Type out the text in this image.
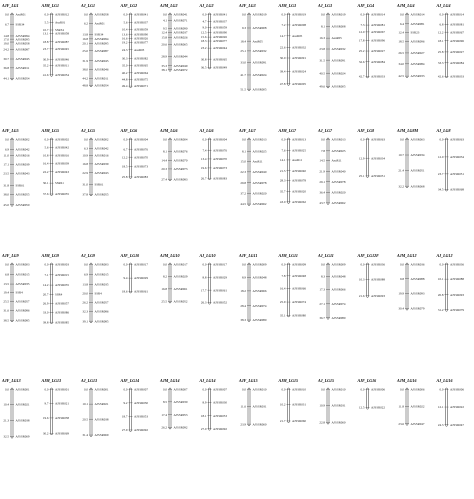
AJF_LG1
0.0 AsaR01
6.7 SSR34
14.8 AJSSR094
17.0 AJSSR095
19.0 AJSSR058
24.2 AJSSR087
30.7 AJSSR045
36.8 AJSSR011
44.1 AJSSR054
AJM_LG1
0.0 AJSSR012
5.5 AsaR01
10.7 SSR34
13.1 AJSSR058
18.8 AJSSR087
23.7 AJSSR045
30.9 AJSSR046
35.2 AJSSR011
41.6 AJSSR054
AJ_LG1
0.0 AJSSR058
6.2 AsaR01
13.8 SSR34
16.8 AJSSR094
20.1 AJSSR095
25.0 AJSSR087
31.9 AJSSR045
38.0 AJSSR046
44.2 AJSSR011
48.8 AJSSR054
AJF_LG2
0.0 AJSSR041
5.6 AJSSR037
10.4 AJSSR059
13.6 AJSSR090
16.6 AJSSR026
19.2 AJSSR077
24.3 AsaR03
30.3 AJSSR082
35.0 AJSSR065
40.2 AJSSR064
44.8 AJSSR075
49.4 AJSSR071
AJM_LG2
0.0 AJSSR041
4.1 AJSSR071
9.5 AJSSR090
12.4 AJSSR037
15.8 AJSSR026
20.6 AJSSR065
28.9 AJSSR044
35.3 AJSSR049
38.1 AJSSR072
AJ_LG2
0.0 AJSSR041
4.7 AJSSR037
9.0 AJSSR059
12.5 AJSSR090
15.6 AJSSR026
18.3 AJSSR077
23.2 AJSSR044
30.8 AJSSR065
36.5 AJSSR049
AJF_LG3
0.0 AJSSR019
9.3 AJSSR008
18.4 AsaR05
25.1 AJSSR032
33.0 AJSSR091
41.7 AJSSR024
51.5 AJSSR005
AJM_LG3
0.0 AJSSR019
7.2 AJSSR008
14.7 AsaR05
22.6 AJSSR032
30.0 AJSSR091
39.4 AJSSR024
47.8 AJSSR005
AJ_LG3
0.0 AJSSR019
8.1 AJSSR008
16.3 AsaR05
23.8 AJSSR032
31.5 AJSSR091
40.5 AJSSR024
49.6 AJSSR005
AJF_LG4
0.0 AJSSR014
7.3 AJSSR081
12.0 AJSSR067
17.8 AJSSR096
25.2 AJSSR027
32.6 AJSSR084
42.7 AJSSR033
AJM_LG4
0.0 AJSSR014
6.4 AJSSR081
12.4 SSR23
18.5 AJSSR096
26.5 AJSSR027
34.0 AJSSR084
42.5 AJSSR033
AJ_LG4
0.0 AJSSR014
6.8 AJSSR081
12.2 AJSSR067
18.1 AJSSR096
25.8 AJSSR027
33.3 AJSSR084
42.6 AJSSR033
AJF_LG5
0.0 AJSSR002
6.9 AJSSR042
11.0 AJSSR016
17.1 AJSSR039
23.5 AJSSR043
31.8 SSR61
38.0 AJSSR055
45.0 AJSSR050
AJM_LG5
0.0 AJSSR002
5.6 AJSSR042
10.8 AJSSR016
16.4 AJSSR039
22.2 AJSSR043
30.1 SSR61
37.6 AJSSR055
AJ_LG5
0.0 AJSSR002
6.3 AJSSR042
10.9 AJSSR016
16.8 AJSSR039
22.9 AJSSR043
31.0 SSR61
37.8 AJSSR055
AJF_LG6
0.0 AJSSR004
6.7 AJSSR076
12.2 AJSSR070
18.5 AJSSR073
25.8 AJSSR083
AJM_LG6
0.0 AJSSR004
8.1 AJSSR076
14.4 AJSSR070
20.3 AJSSR073
27.4 AJSSR083
AJ_LG6
0.0 AJSSR004
7.4 AJSSR076
13.4 AJSSR070
19.6 AJSSR073
26.7 AJSSR083
AJF_LG7
0.0 AJSSR013
8.1 AJSSR025
15.0 AsaR11
22.3 AJSSR040
29.8 AJSSR078
37.2 AJSSR020
44.5 AJSSR062
AJM_LG7
0.0 AJSSR013
7.6 AJSSR025
14.1 AsaR11
21.5 AJSSR040
28.3 AJSSR078
35.7 AJSSR020
43.0 AJSSR062
AJ_LG7
0.0 AJSSR013
7.8 AJSSR025
14.5 AsaR11
21.9 AJSSR040
29.1 AJSSR078
36.4 AJSSR020
43.7 AJSSR062
AJF_LG8
0.0 AJSSR063
12.9 AJSSR034
25.1 AJSSR051
AJM_LG8M
0.0 AJSSR063
10.7 AJSSR034
21.4 AJSSR051
32.2 AJSSR068
AJ_LG8
0.0 AJSSR063
12.0 AJSSR034
23.7 AJSSR051
34.5 AJSSR068
AJF_LG9
0.0 AJSSR003
6.8 AJSSR015
13.5 AJSSR035
19.4 SSR4
25.5 AJSSR057
31.6 AJSSR086
38.5 AJSSR085
AJM_LG9
0.0 AJSSR003
7.1 AJSSR015
14.2 AJSSR035
20.7 SSR4
26.9 AJSSR057
33.0 AJSSR086
39.8 AJSSR085
AJ_LG9
0.0 AJSSR003
6.9 AJSSR015
13.8 AJSSR035
20.0 SSR4
26.2 AJSSR057
32.3 AJSSR086
39.1 AJSSR085
AJF_LG10
0.0 AJSSR017
9.4 AJSSR029
18.6 AJSSR061
AJM_LG10
0.0 AJSSR017
8.2 AJSSR029
16.8 AJSSR061
25.5 AJSSR052
AJ_LG10
0.0 AJSSR017
8.8 AJSSR029
17.7 AJSSR061
26.3 AJSSR052
AJF_LG11
0.0 AJSSR009
8.9 AJSSR048
18.2 AJSSR066
28.4 AJSSR074
38.3 AJSSR080
AJM_LG11
0.0 AJSSR009
7.8 AJSSR048
16.4 AJSSR066
25.9 AJSSR074
35.1 AJSSR080
AJ_LG11
0.0 AJSSR009
8.3 AJSSR048
17.3 AJSSR066
27.1 AJSSR074
36.7 AJSSR080
AJF_LG12F
0.0 AJSSR036
10.3 AJSSR088
21.6 AJSSR093
AJM_LG12
0.0 AJSSR036
9.8 AJSSR088
19.9 AJSSR093
30.4 AJSSR079
AJ_LG12
0.0 AJSSR036
10.1 AJSSR088
20.8 AJSSR093
31.2 AJSSR079
AJF_LG13
0.0 AJSSR001
10.4 AJSSR021
21.3 AJSSR038
32.5 AJSSR069
AJM_LG13
0.0 AJSSR001
9.7 AJSSR021
19.6 AJSSR038
30.2 AJSSR069
AJ_LG13
0.0 AJSSR001
10.1 AJSSR021
20.5 AJSSR038
31.4 AJSSR069
AJF_LG14
0.0 AJSSR007
9.2 AJSSR030
18.7 AJSSR053
27.9 AJSSR092
AJM_LG14
0.0 AJSSR007
8.5 AJSSR030
17.4 AJSSR053
26.2 AJSSR092
AJ_LG14
0.0 AJSSR007
8.9 AJSSR030
18.1 AJSSR053
27.0 AJSSR092
AJF_LG15
0.0 AJSSR010
11.6 AJSSR031
23.9 AJSSR060
AJM_LG15
0.0 AJSSR010
10.2 AJSSR031
21.7 AJSSR060
AJ_LG15
0.0 AJSSR010
10.9 AJSSR031
22.8 AJSSR060
AJF_LG16
0.0 AJSSR006
12.5 AJSSR022
AJM_LG16
0.0 AJSSR006
11.8 AJSSR022
23.6 AJSSR047
AJ_LG16
0.0 AJSSR006
12.1 AJSSR022
24.3 AJSSR047
